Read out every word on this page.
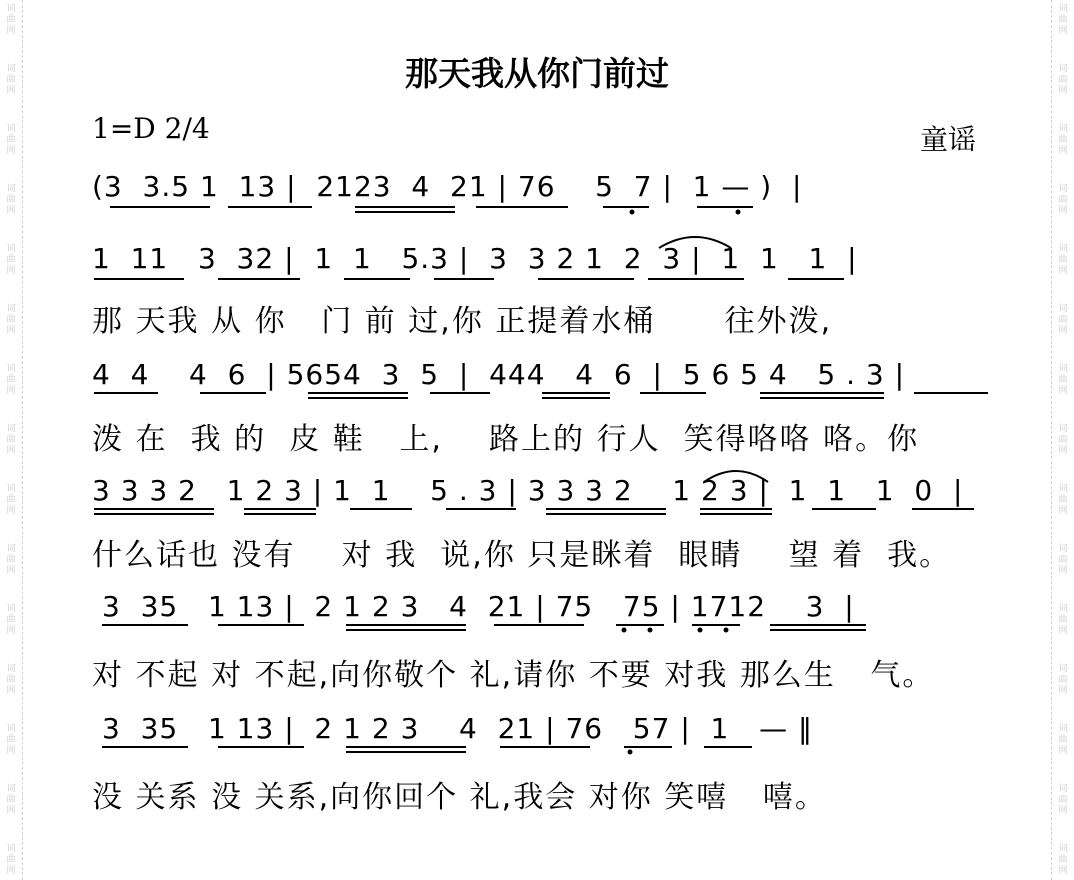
词曲网
词曲网
词曲网
词曲网
词曲网
词曲网
词曲网
词曲网
词曲网
词曲网
词曲网
词曲网
词曲网
词曲网
词曲网
词曲网
词曲网
词曲网
词曲网
词曲网
词曲网
词曲网
词曲网
词曲网
词曲网
词曲网
词曲网
词曲网
词曲网
词曲网
那天我从你门前过
1=D 2/4	童谣
(3  3.5 1  13 |  2123  4  21 | 76    5  7 |  1 — )  |
1  11   3  32 |  1  1   5.3 |  3  3 2 1  2  3 |  1  1   1  |
那 天我 从 你   门 前 过,你 正提着水桶      往外泼,
4  4    4  6  | 5654  3  5  |  444   4  6  |  5 6 5 4   5 . 3 |
泼 在  我 的  皮 鞋   上,    路上的 行人  笑得咯咯 咯。你
3 3 3 2   1 2 3 | 1  1    5 . 3 | 3 3 3 2    1 2 3 |  1  1   1  0  |
什么话也 没有    对 我  说,你 只是眯着  眼睛    望 着  我。
3  35   1 13 |  2 1 2 3   4  21 | 75   75 | 1712    3  |
对 不起 对 不起,向你敬个 礼,请你 不要 对我 那么生   气。
3  35   1 13 |  2 1 2 3    4  21 | 76   57 |  1   — ‖
没 关系 没 关系,向你回个 礼,我会 对你 笑嘻   嘻。
